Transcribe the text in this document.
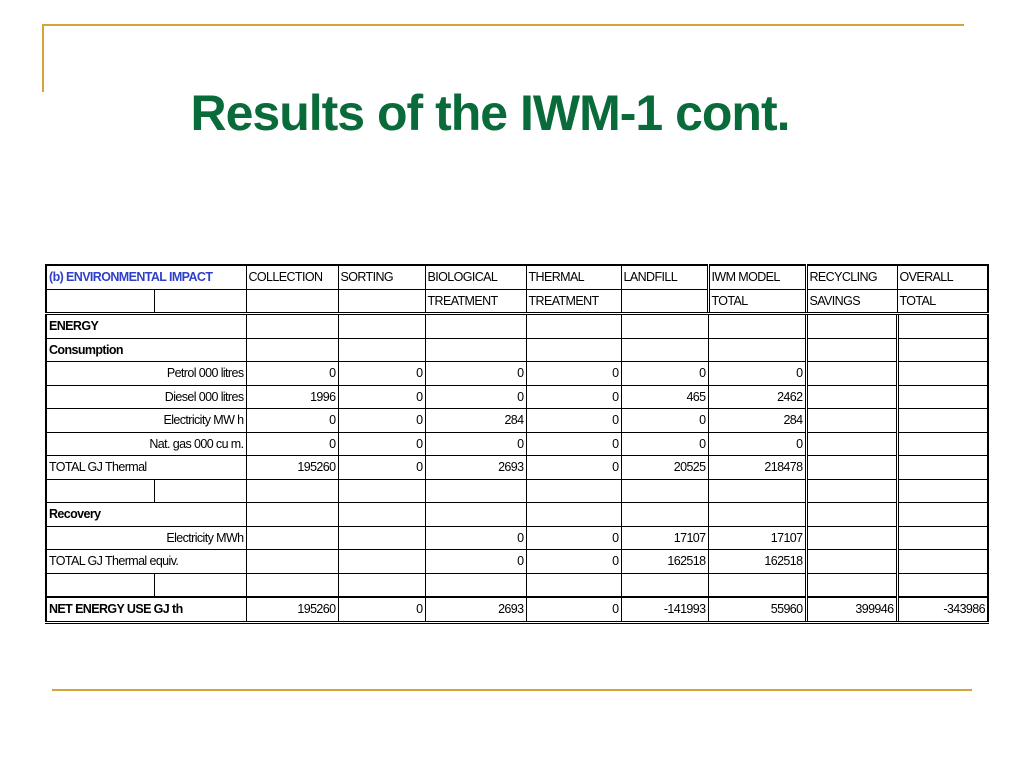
Results of the IWM-1 cont.
(b) ENVIRONMENTAL IMPACT		COLLECTION	SORTING	BIOLOGICAL	THERMAL	LANDFILL	IWM MODEL	RECYCLING	OVERALL
				TREATMENT	TREATMENT		TOTAL	SAVINGS	TOTAL
ENERGY									
Consumption									
Petrol 000 litres		0	0	0	0	0	0		
Diesel 000 litres		1996	0	0	0	465	2462		
Electricity MW h		0	0	284	0	0	284		
Nat. gas 000 cu m.		0	0	0	0	0	0		
TOTAL GJ Thermal		195260	0	2693	0	20525	218478		

Recovery									
Electricity MWh				0	0	17107	17107		
TOTAL GJ Thermal equiv.				0	0	162518	162518		

NET ENERGY USE GJ th		195260	0	2693	0	-141993	55960	399946	-343986
